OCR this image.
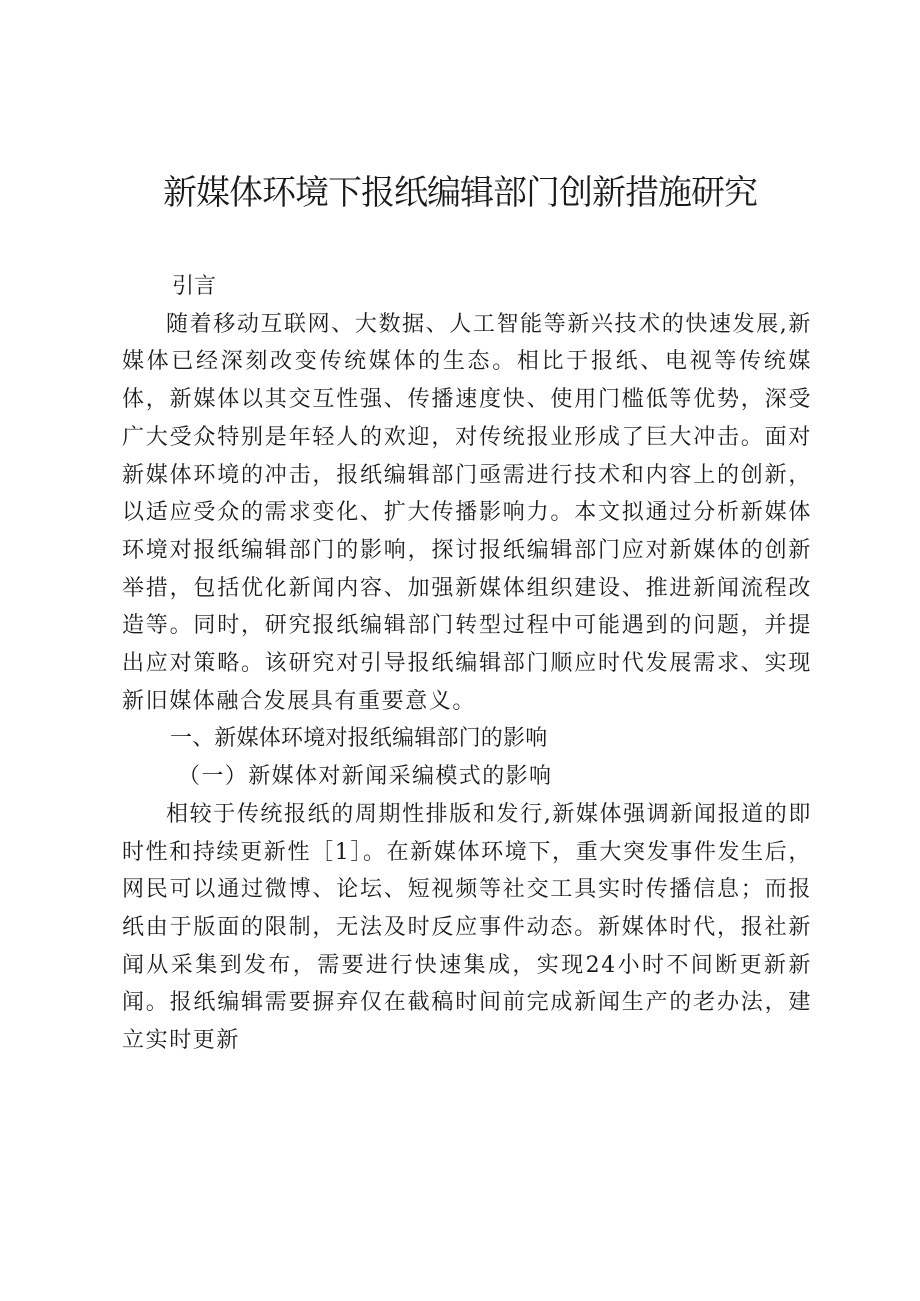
新媒体环境下报纸编辑部门创新措施研究

引言

随着移动互联网、大数据、人工智能等新兴技术的快速发展,新媒体已经深刻改变传统媒体的生态。相比于报纸、电视等传统媒体，新媒体以其交互性强、传播速度快、使用门槛低等优势，深受广大受众特别是年轻人的欢迎，对传统报业形成了巨大冲击。面对新媒体环境的冲击，报纸编辑部门亟需进行技术和内容上的创新，以适应受众的需求变化、扩大传播影响力。本文拟通过分析新媒体环境对报纸编辑部门的影响，探讨报纸编辑部门应对新媒体的创新举措，包括优化新闻内容、加强新媒体组织建设、推进新闻流程改造等。同时，研究报纸编辑部门转型过程中可能遇到的问题，并提出应对策略。该研究对引导报纸编辑部门顺应时代发展需求、实现新旧媒体融合发展具有重要意义。

一、新媒体环境对报纸编辑部门的影响

（一）新媒体对新闻采编模式的影响

相较于传统报纸的周期性排版和发行,新媒体强调新闻报道的即时性和持续更新性［1］。在新媒体环境下，重大突发事件发生后，网民可以通过微博、论坛、短视频等社交工具实时传播信息；而报纸由于版面的限制，无法及时反应事件动态。新媒体时代，报社新闻从采集到发布，需要进行快速集成，实现24小时不间断更新新闻。报纸编辑需要摒弃仅在截稿时间前完成新闻生产的老办法，建立实时更新
